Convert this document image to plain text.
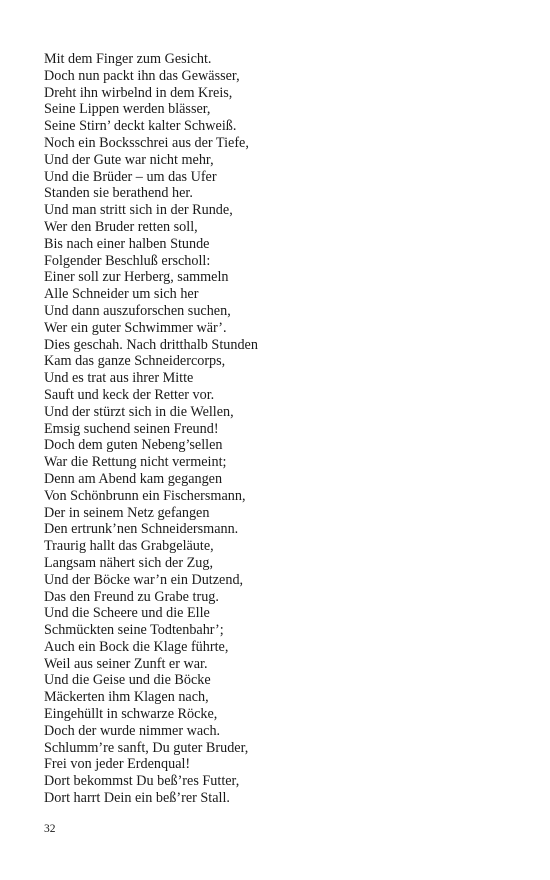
Mit dem Finger zum Gesicht.
Doch nun packt ihn das Gewässer,
Dreht ihn wirbelnd in dem Kreis,
Seine Lippen werden blässer,
Seine Stirn’ deckt kalter Schweiß.
Noch ein Bocksschrei aus der Tiefe,
Und der Gute war nicht mehr,
Und die Brüder – um das Ufer
Standen sie berathend her.
Und man stritt sich in der Runde,
Wer den Bruder retten soll,
Bis nach einer halben Stunde
Folgender Beschluß erscholl:
Einer soll zur Herberg, sammeln
Alle Schneider um sich her
Und dann auszuforschen suchen,
Wer ein guter Schwimmer wär’.
Dies geschah. Nach dritthalb Stunden
Kam das ganze Schneidercorps,
Und es trat aus ihrer Mitte
Sauft und keck der Retter vor.
Und der stürzt sich in die Wellen,
Emsig suchend seinen Freund!
Doch dem guten Nebeng’sellen
War die Rettung nicht vermeint;
Denn am Abend kam gegangen
Von Schönbrunn ein Fischersmann,
Der in seinem Netz gefangen
Den ertrunk’nen Schneidersmann.
Traurig hallt das Grabgeläute,
Langsam nähert sich der Zug,
Und der Böcke war’n ein Dutzend,
Das den Freund zu Grabe trug.
Und die Scheere und die Elle
Schmückten seine Todtenbahr’;
Auch ein Bock die Klage führte,
Weil aus seiner Zunft er war.
Und die Geise und die Böcke
Mäckerten ihm Klagen nach,
Eingehüllt in schwarze Röcke,
Doch der wurde nimmer wach.
Schlumm’re sanft, Du guter Bruder,
Frei von jeder Erdenqual!
Dort bekommst Du beß’res Futter,
Dort harrt Dein ein beß’rer Stall.
32
